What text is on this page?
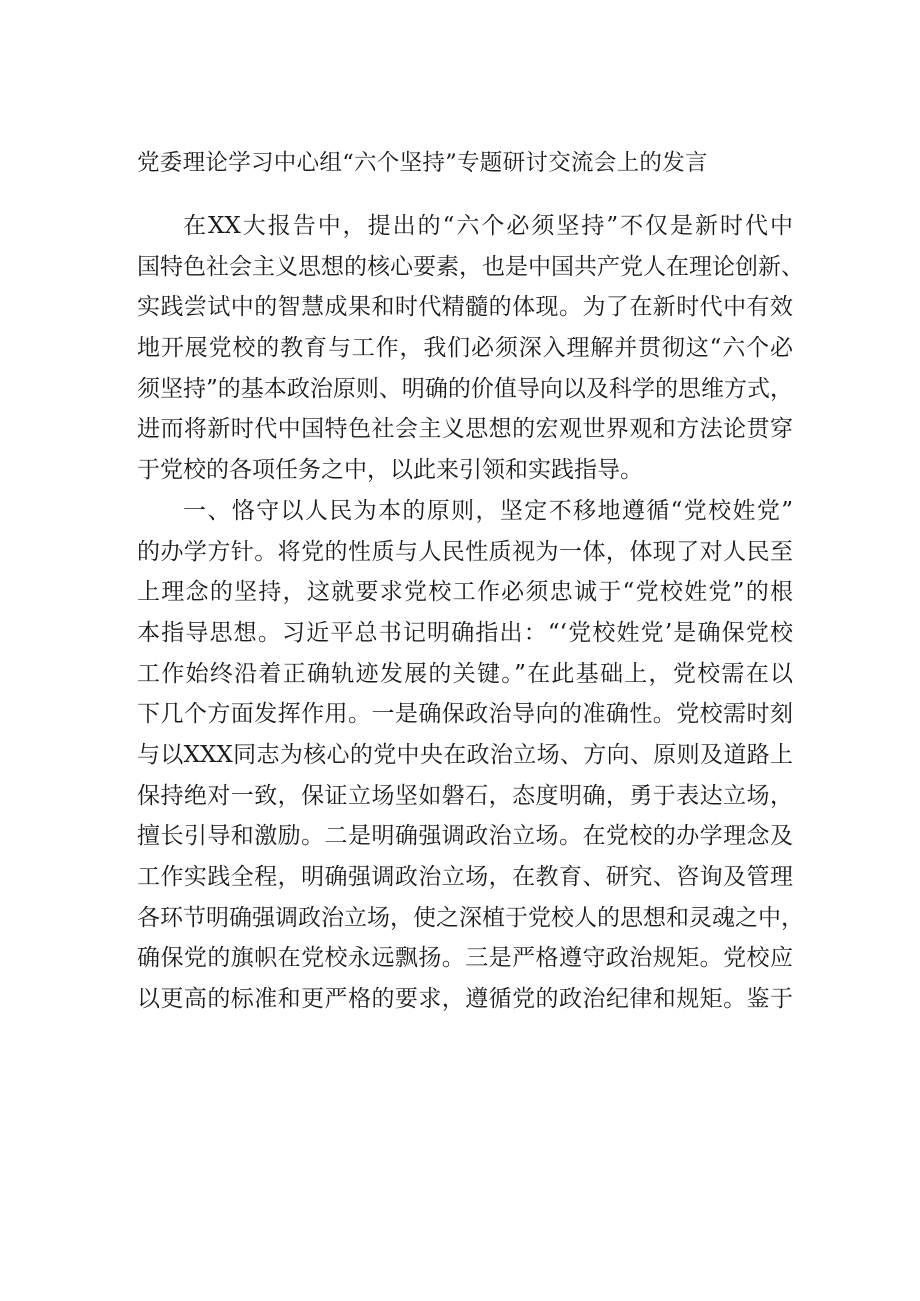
党委理论学习中心组“六个坚持”专题研讨交流会上的发言
在XX大报告中，提出的“六个必须坚持”不仅是新时代中
国特色社会主义思想的核心要素，也是中国共产党人在理论创新、
实践尝试中的智慧成果和时代精髓的体现。为了在新时代中有效
地开展党校的教育与工作，我们必须深入理解并贯彻这“六个必
须坚持”的基本政治原则、明确的价值导向以及科学的思维方式，
进而将新时代中国特色社会主义思想的宏观世界观和方法论贯穿
于党校的各项任务之中，以此来引领和实践指导。
一、恪守以人民为本的原则，坚定不移地遵循“党校姓党”
的办学方针。将党的性质与人民性质视为一体，体现了对人民至
上理念的坚持，这就要求党校工作必须忠诚于“党校姓党”的根
本指导思想。习近平总书记明确指出：“‘党校姓党’是确保党校
工作始终沿着正确轨迹发展的关键。”在此基础上，党校需在以
下几个方面发挥作用。一是确保政治导向的准确性。党校需时刻
与以XXX同志为核心的党中央在政治立场、方向、原则及道路上
保持绝对一致，保证立场坚如磐石，态度明确，勇于表达立场，
擅长引导和激励。二是明确强调政治立场。在党校的办学理念及
工作实践全程，明确强调政治立场，在教育、研究、咨询及管理
各环节明确强调政治立场，使之深植于党校人的思想和灵魂之中，
确保党的旗帜在党校永远飘扬。三是严格遵守政治规矩。党校应
以更高的标准和更严格的要求，遵循党的政治纪律和规矩。鉴于
